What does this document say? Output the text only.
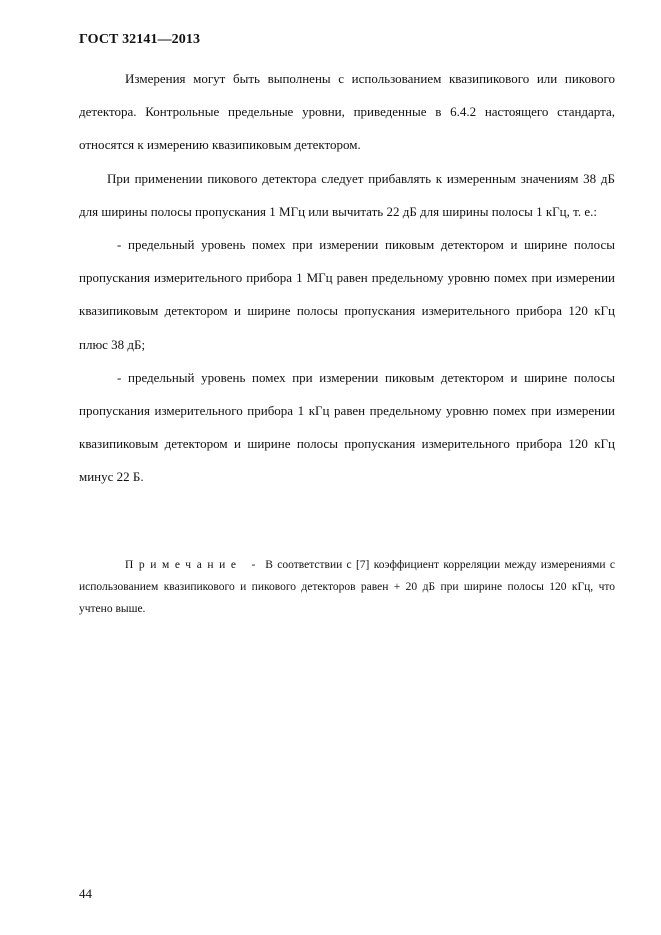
ГОСТ 32141—2013

Измерения могут быть выполнены с использованием квазипикового или пикового детектора. Контрольные предельные уровни, приведенные в 6.4.2 настоящего стандарта, относятся к измерению квазипиковым детектором.

При применении пикового детектора следует прибавлять к измеренным значениям 38 дБ для ширины полосы пропускания 1 МГц или вычитать 22 дБ для ширины полосы 1 кГц, т. е.:

- предельный уровень помех при измерении пиковым детектором и ширине полосы пропускания измерительного прибора 1 МГц равен предельному уровню помех при измерении квазипиковым детектором и ширине полосы пропускания измерительного прибора 120 кГц плюс 38 дБ;

- предельный уровень помех при измерении пиковым детектором и ширине полосы пропускания измерительного прибора 1 кГц равен предельному уровню помех при измерении квазипиковым детектором и ширине полосы пропускания измерительного прибора 120 кГц минус 22 Б.

Примечание - В соответствии с [7] коэффициент корреляции между измерениями с использованием квазипикового и пикового детекторов равен + 20 дБ при ширине полосы 120 кГц, что учтено выше.
44
